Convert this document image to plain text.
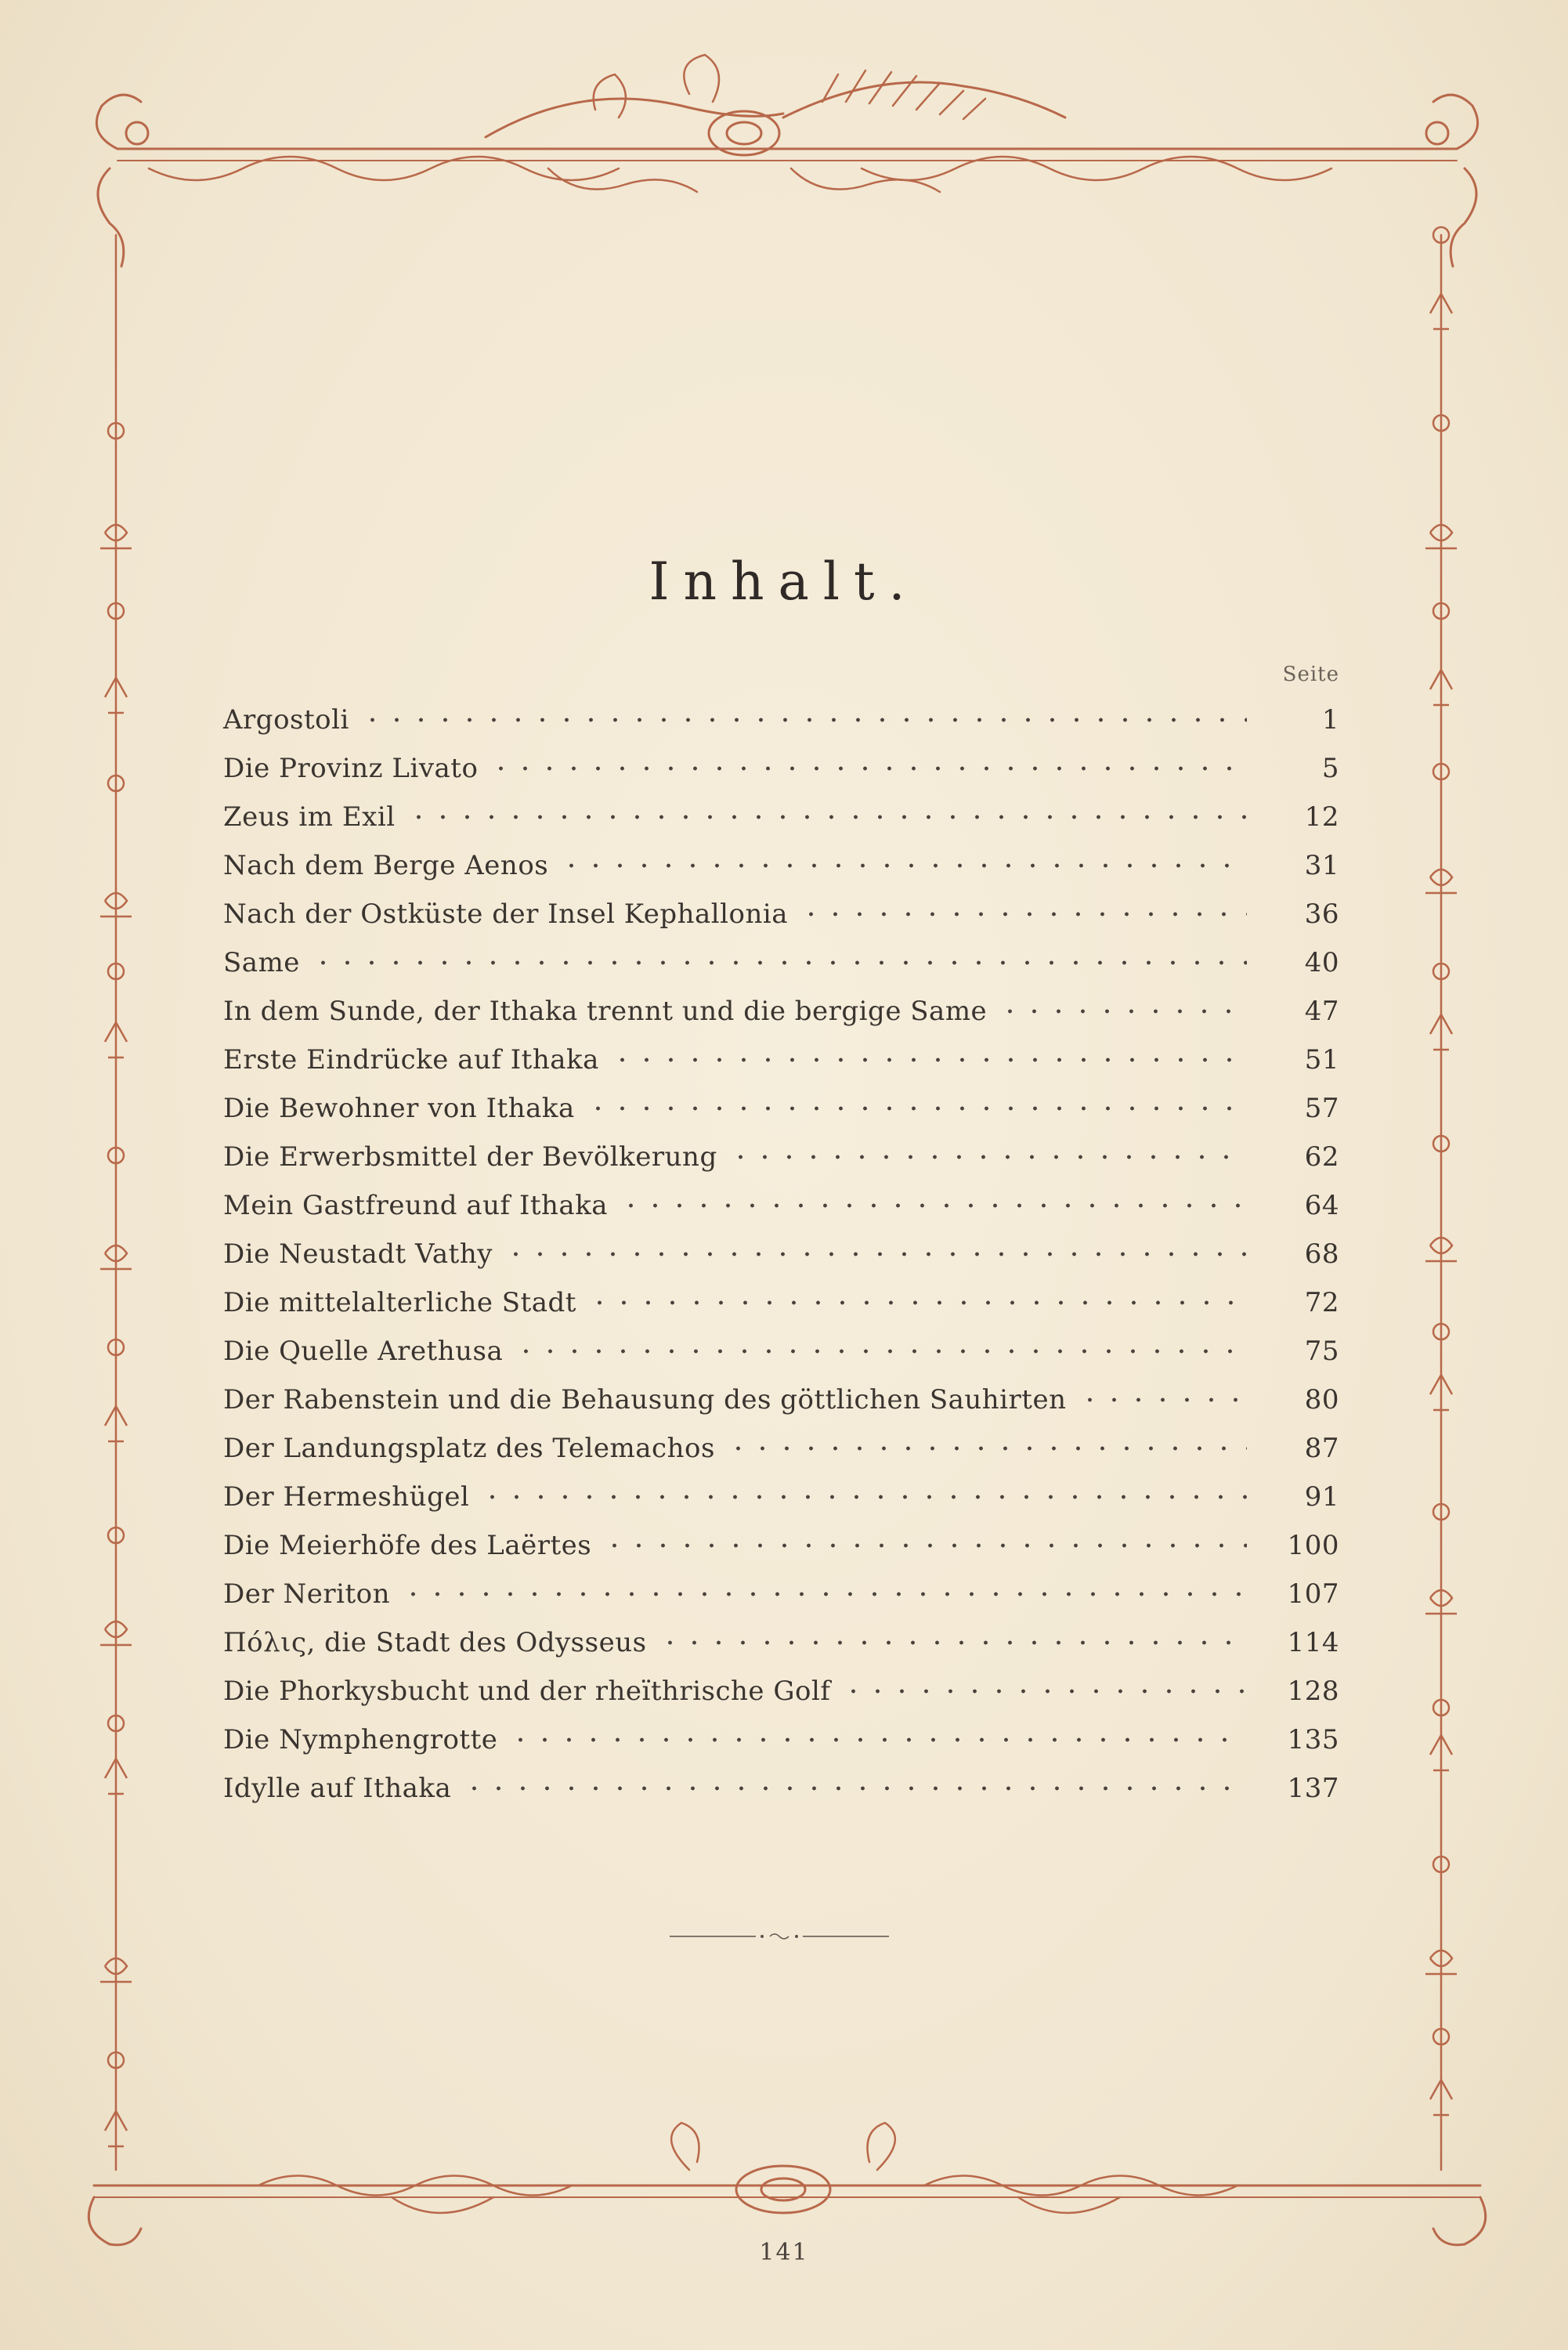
Inhalt.
Seite
Argostoli	1
Die Provinz Livato	5
Zeus im Exil	12
Nach dem Berge Aenos	31
Nach der Ostküste der Insel Kephallonia	36
Same	40
In dem Sunde, der Ithaka trennt und die bergige Same	47
Erste Eindrücke auf Ithaka	51
Die Bewohner von Ithaka	57
Die Erwerbsmittel der Bevölkerung	62
Mein Gastfreund auf Ithaka	64
Die Neustadt Vathy	68
Die mittelalterliche Stadt	72
Die Quelle Arethusa	75
Der Rabenstein und die Behausung des göttlichen Sauhirten	80
Der Landungsplatz des Telemachos	87
Der Hermeshügel	91
Die Meierhöfe des Laërtes	100
Der Neriton	107
Πόλις, die Stadt des Odysseus	114
Die Phorkysbucht und der rheïthrische Golf	128
Die Nymphengrotte	135
Idylle auf Ithaka	137
141
